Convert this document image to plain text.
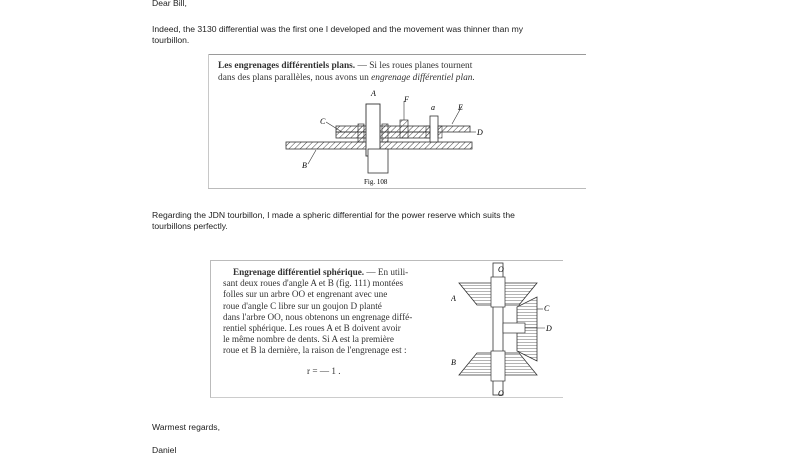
Dear Bill,
Indeed, the 3130 differential was the first one I developed and the movement was thinner than my
tourbillon.
Les engrenages différentiels plans. — Si les roues planes tournent
dans des plans parallèles, nous avons un engrenage différentiel plan.
A
F
a	E
C
D
B
Fig. 108
Regarding the JDN tourbillon, I made a spheric differential for the power reserve which suits the
tourbillons perfectly.
Engrenage différentiel sphérique. — En utili-
sant deux roues d'angle A et B (fig. 111) montées
folles sur un arbre OO et engrenant avec une
roue d'angle C libre sur un goujon D planté
dans l'arbre OO, nous obtenons un engrenage diffé-
rentiel sphérique. Les roues A et B doivent avoir
le même nombre de dents. Si A est la première
roue et B la dernière, la raison de l'engrenage est :
r = — 1 .
O
A
C
D
B
O
Warmest regards,
Daniel
